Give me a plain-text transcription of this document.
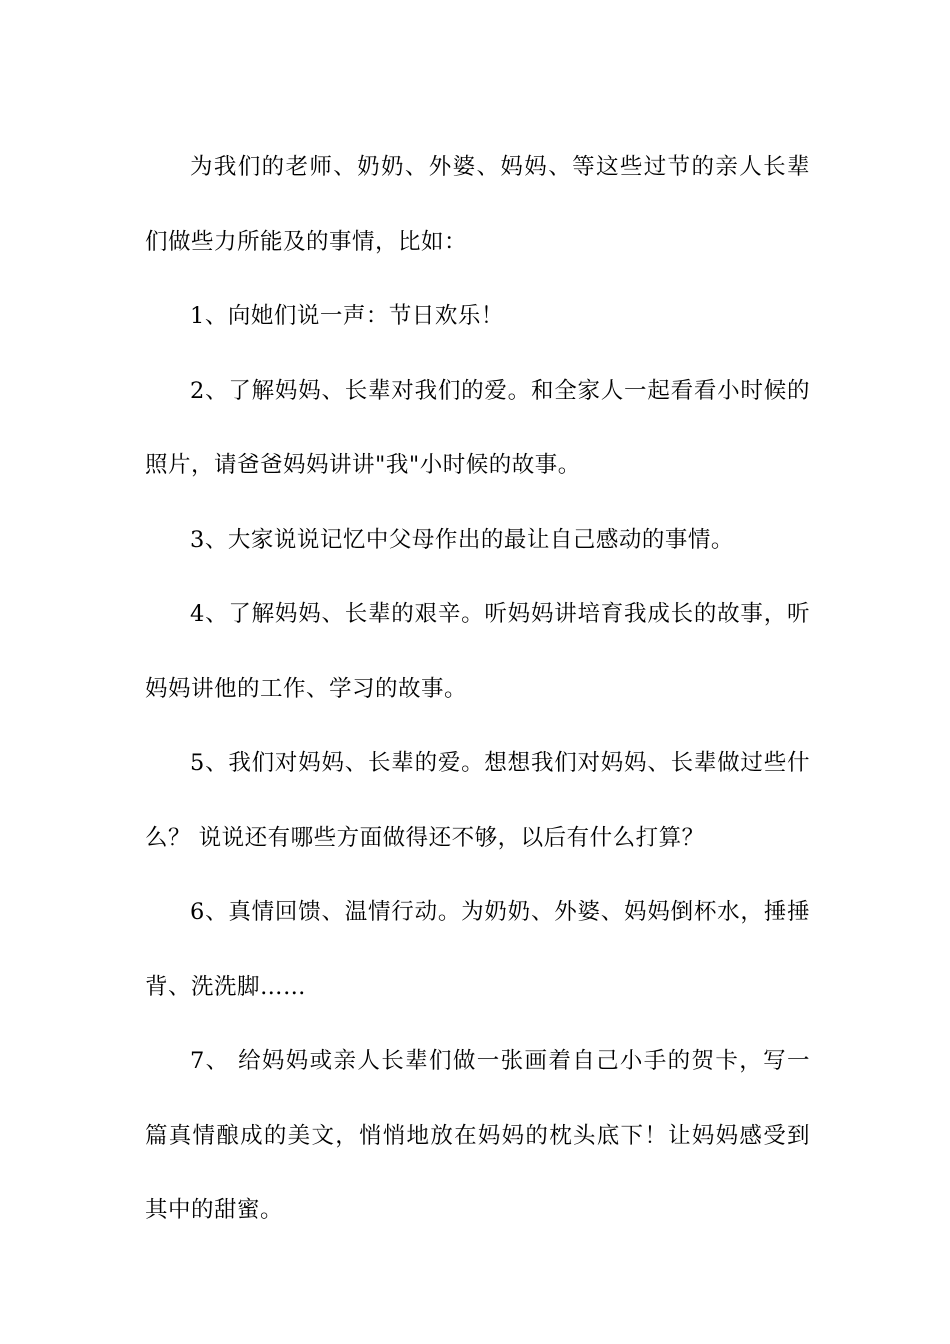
为我们的老师、奶奶、外婆、妈妈、等这些过节的亲人长辈们做些力所能及的事情，比如：

1、向她们说一声：节日欢乐！

2、了解妈妈、长辈对我们的爱。和全家人一起看看小时候的照片，请爸爸妈妈讲讲"我"小时候的故事。

3、大家说说记忆中父母作出的最让自己感动的事情。

4、了解妈妈、长辈的艰辛。听妈妈讲培育我成长的故事，听妈妈讲他的工作、学习的故事。

5、我们对妈妈、长辈的爱。想想我们对妈妈、长辈做过些什么？ 说说还有哪些方面做得还不够，以后有什么打算？

6、真情回馈、温情行动。为奶奶、外婆、妈妈倒杯水，捶捶背、洗洗脚……

7、 给妈妈或亲人长辈们做一张画着自己小手的贺卡，写一篇真情酿成的美文，悄悄地放在妈妈的枕头底下！让妈妈感受到其中的甜蜜。
